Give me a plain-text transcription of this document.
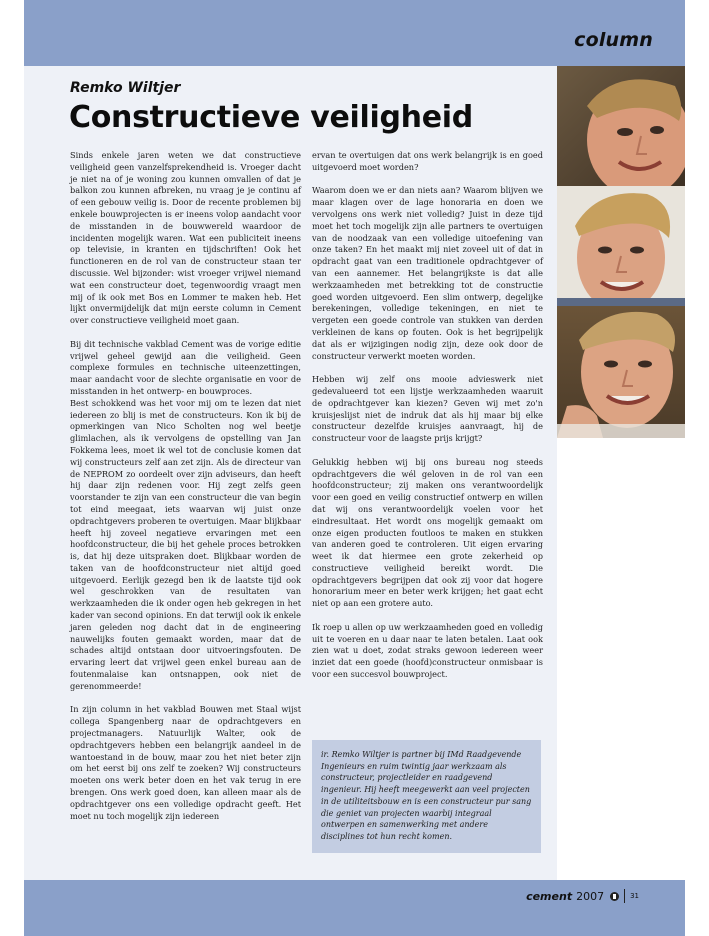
column
Remko Wiltjer
Constructieve veiligheid

Sinds enkele jaren weten we dat constructieve veiligheid geen vanzelfsprekendheid is. Vroeger dacht je niet na of je woning zou kunnen omvallen of dat je balkon zou kunnen afbreken, nu vraag je je continu af of een gebouw veilig is. Door de recente problemen bij enkele bouwprojecten is er ineens volop aandacht voor de misstanden in de bouwwereld waardoor de incidenten mogelijk waren. Wat een publiciteit ineens op televisie, in kranten en tijdschriften! Ook het functioneren en de rol van de constructeur staan ter discussie. Wel bijzonder: wist vroeger vrijwel niemand wat een constructeur doet, tegenwoordig vraagt men mij of ik ook met Bos en Lommer te maken heb. Het lijkt onvermijdelijk dat mijn eerste column in Cement over constructieve veiligheid moet gaan.

Bij dit technische vakblad Cement was de vorige editie vrijwel geheel gewijd aan die veiligheid. Geen complexe formules en technische uiteenzettingen, maar aandacht voor de slechte organisatie en voor de misstanden in het ontwerp- en bouwproces.

Best schokkend was het voor mij om te lezen dat niet iedereen zo blij is met de constructeurs. Kon ik bij de opmerkingen van Nico Scholten nog wel beetje glimlachen, als ik vervolgens de opstelling van Jan Fokkema lees, moet ik wel tot de conclusie komen dat wij constructeurs zelf aan zet zijn. Als de directeur van de NEPROM zo oordeelt over zijn adviseurs, dan heeft hij daar zijn redenen voor. Hij zegt zelfs geen voorstander te zijn van een constructeur die van begin tot eind meegaat, iets waarvan wij juist onze opdrachtgevers proberen te overtuigen. Maar blijkbaar heeft hij zoveel negatieve ervaringen met een hoofdconstructeur, die bij het gehele proces betrokken is, dat hij deze uitspraken doet. Blijkbaar worden de taken van de hoofdconstructeur niet altijd goed uitgevoerd. Eerlijk gezegd ben ik de laatste tijd ook wel geschrokken van de resultaten van werkzaamheden die ik onder ogen heb gekregen in het kader van second opinions. En dat terwijl ook ik enkele jaren geleden nog dacht dat in de engineering nauwelijks fouten gemaakt worden, maar dat de schades altijd ontstaan door uitvoeringsfouten. De ervaring leert dat vrijwel geen enkel bureau aan de foutenmalaise kan ontsnappen, ook niet de gerenommeerde!

In zijn column in het vakblad Bouwen met Staal wijst collega Spangenberg naar de opdrachtgevers en projectmanagers. Natuurlijk Walter, ook de opdrachtgevers hebben een belangrijk aandeel in de wantoestand in de bouw, maar zou het niet beter zijn om het eerst bij ons zelf te zoeken? Wij constructeurs moeten ons werk beter doen en het vak terug in ere brengen. Ons werk goed doen, kan alleen maar als de opdrachtgever ons een volledige opdracht geeft. Het moet nu toch mogelijk zijn iedereen

ervan te overtuigen dat ons werk belangrijk is en goed uitgevoerd moet worden?

Waarom doen we er dan niets aan? Waarom blijven we maar klagen over de lage honoraria en doen we vervolgens ons werk niet volledig? Juist in deze tijd moet het toch mogelijk zijn alle partners te overtuigen van de noodzaak van een volledige uitoefening van onze taken? En het maakt mij niet zoveel uit of dat in opdracht gaat van een traditionele opdrachtgever of van een aannemer. Het belangrijkste is dat alle werkzaamheden met betrekking tot de constructie goed worden uitgevoerd. Een slim ontwerp, degelijke berekeningen, volledige tekeningen, en niet te vergeten een goede controle van stukken van derden verkleinen de kans op fouten. Ook is het begrijpelijk dat als er wijzigingen nodig zijn, deze ook door de constructeur verwerkt moeten worden.

Hebben wij zelf ons mooie advieswerk niet gedevalueerd tot een lijstje werkzaamheden waaruit de opdrachtgever kan kiezen? Geven wij met zo'n kruisjeslijst niet de indruk dat als hij maar bij elke constructeur dezelfde kruisjes aanvraagt, hij de constructeur voor de laagste prijs krijgt?

Gelukkig hebben wij bij ons bureau nog steeds opdrachtgevers die wél geloven in de rol van een hoofdconstructeur; zij maken ons verantwoordelijk voor een goed en veilig constructief ontwerp en willen dat wij ons verantwoordelijk voelen voor het eindresultaat. Het wordt ons mogelijk gemaakt om onze eigen producten foutloos te maken en stukken van anderen goed te controleren. Uit eigen ervaring weet ik dat hiermee een grote zekerheid op constructieve veiligheid bereikt wordt. Die opdrachtgevers begrijpen dat ook zij voor dat hogere honorarium meer en beter werk krijgen; het gaat echt niet op aan een grotere auto.

Ik roep u allen op uw werkzaamheden goed en volledig uit te voeren en u daar naar te laten betalen. Laat ook zien wat u doet, zodat straks gewoon iedereen weer inziet dat een goede (hoofd)constructeur onmisbaar is voor een succesvol bouwproject.

ir. Remko Wiltjer is partner bij IMd Raadgevende Ingenieurs en ruim twintig jaar werkzaam als constructeur, projectleider en raadgevend ingenieur. Hij heeft meegewerkt aan veel projecten in de utiliteitsbouw en is een constructeur pur sang die geniet van projecten waarbij integraal ontwerpen en samenwerking met andere disciplines tot hun recht komen.

cement 2007	31
